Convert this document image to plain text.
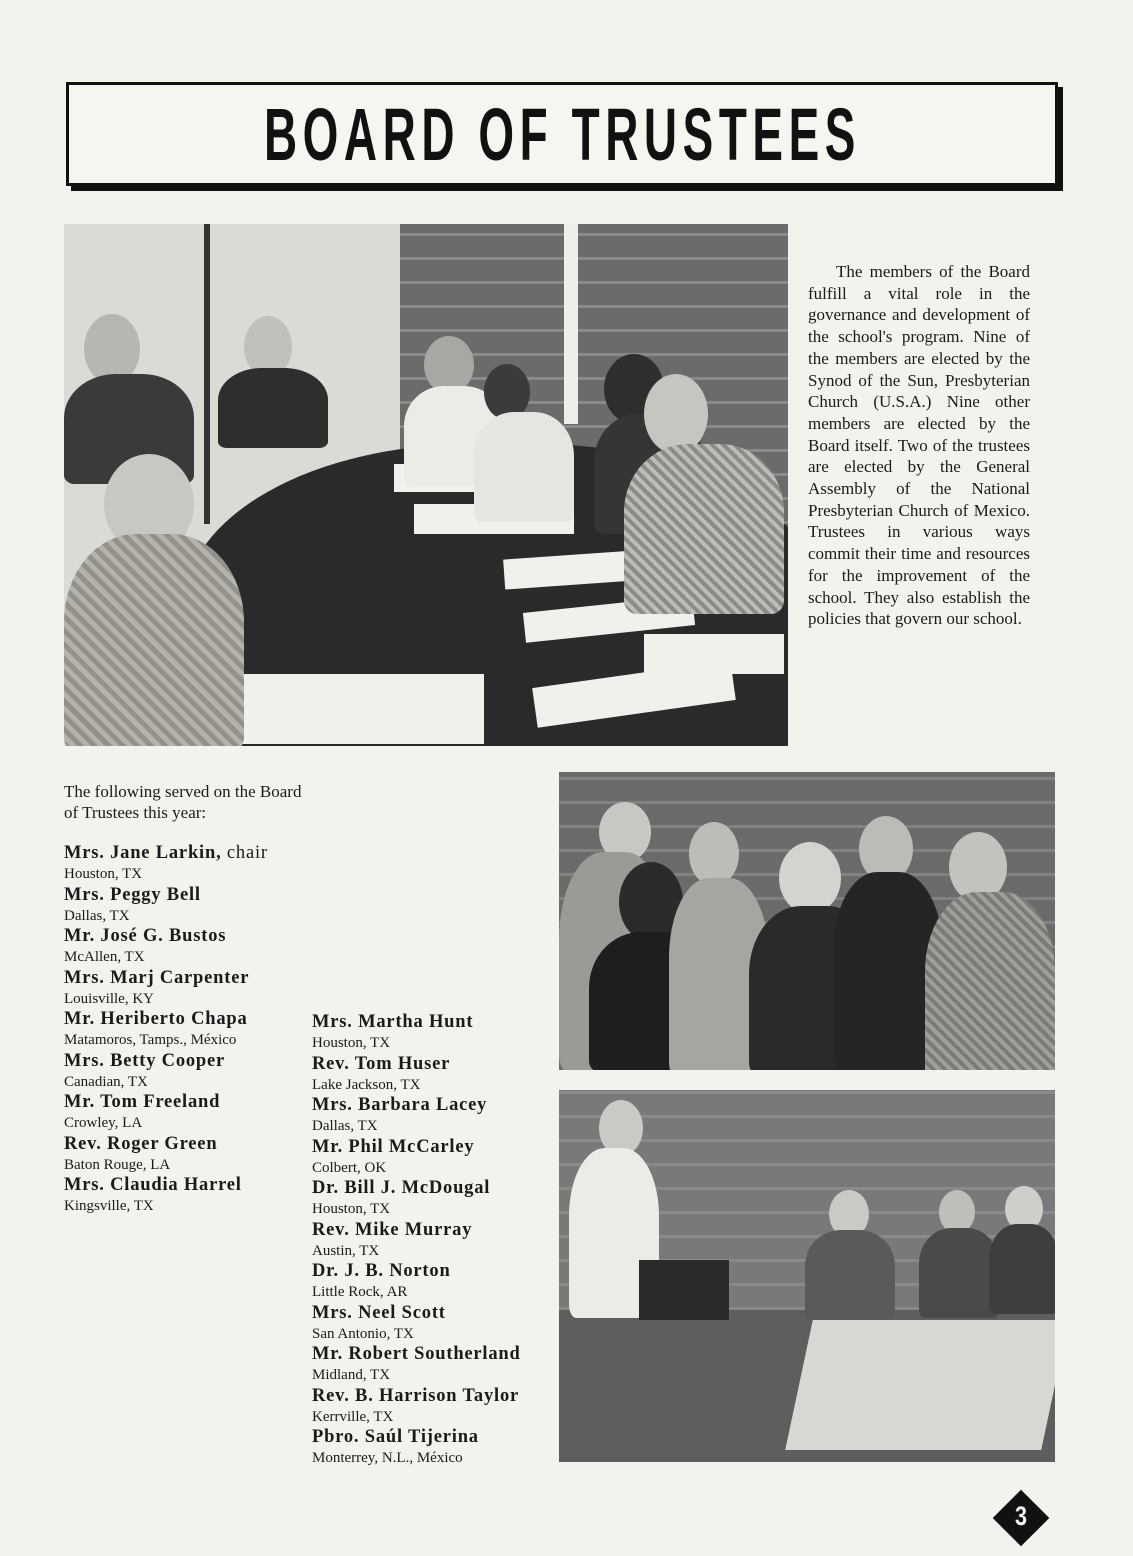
BOARD OF TRUSTEES

The members of the Board fulfill a vital role in the governance and development of the school's program. Nine of the members are elected by the Synod of the Sun, Presbyterian Church (U.S.A.) Nine other members are elected by the Board itself. Two of the trustees are elected by the General Assembly of the National Presbyterian Church of Mexico. Trustees in various ways commit their time and resources for the improvement of the school. They also establish the policies that govern our school.

The following served on the Board of Trustees this year:

Mrs. Jane Larkin, chair
Houston, TX
Mrs. Peggy Bell
Dallas, TX
Mr. José G. Bustos
McAllen, TX
Mrs. Marj Carpenter
Louisville, KY
Mr. Heriberto Chapa
Matamoros, Tamps., México
Mrs. Betty Cooper
Canadian, TX
Mr. Tom Freeland
Crowley, LA
Rev. Roger Green
Baton Rouge, LA
Mrs. Claudia Harrel
Kingsville, TX
Mrs. Martha Hunt
Houston, TX
Rev. Tom Huser
Lake Jackson, TX
Mrs. Barbara Lacey
Dallas, TX
Mr. Phil McCarley
Colbert, OK
Dr. Bill J. McDougal
Houston, TX
Rev. Mike Murray
Austin, TX
Dr. J. B. Norton
Little Rock, AR
Mrs. Neel Scott
San Antonio, TX
Mr. Robert Southerland
Midland, TX
Rev. B. Harrison Taylor
Kerrville, TX
Pbro. Saúl Tijerina
Monterrey, N.L., México
3
